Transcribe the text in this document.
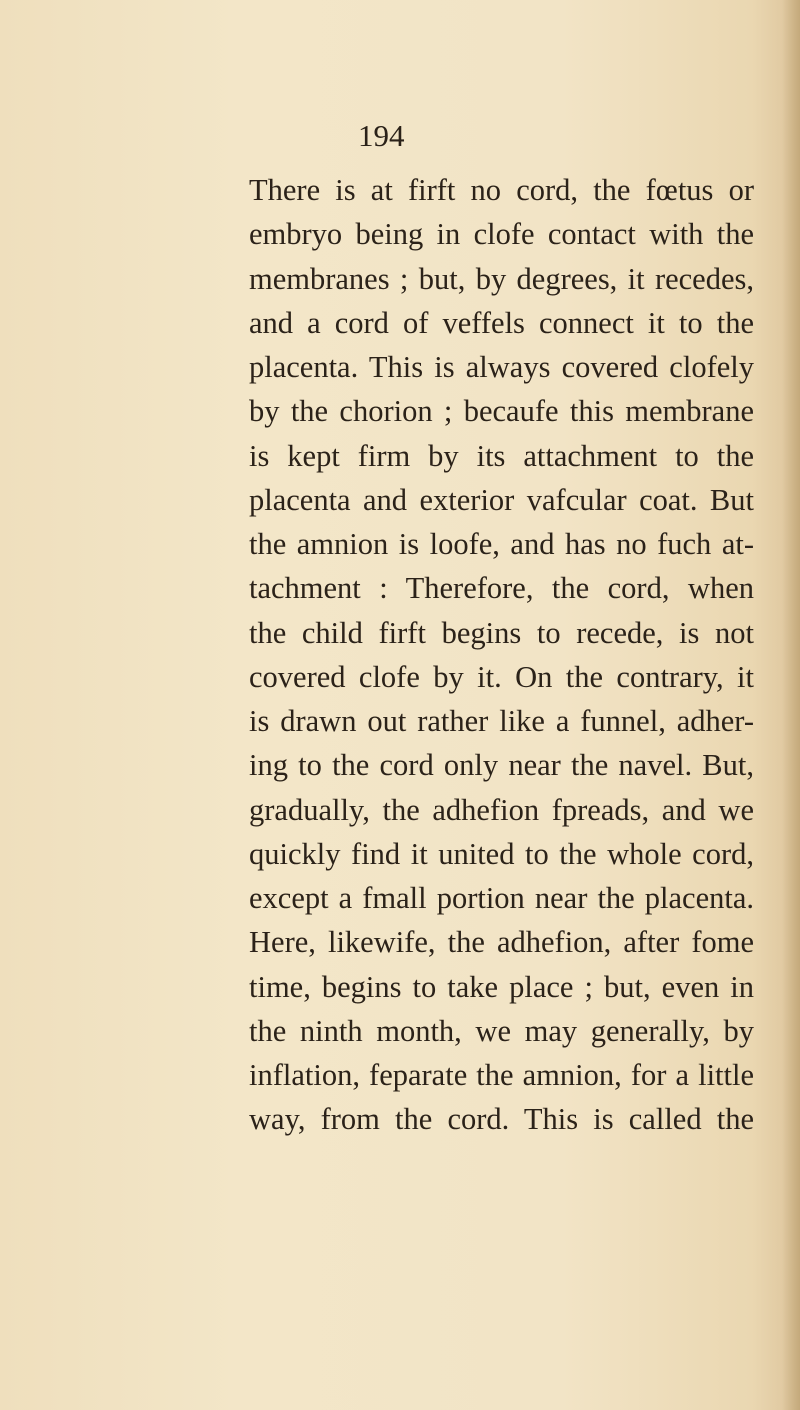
194

There is at firft no cord, the fœtus or
embryo being in clofe contact with the
membranes ; but, by degrees, it recedes,
and a cord of veffels connect it to the
placenta. This is always covered clofely
by the chorion ; becaufe this membrane
is kept firm by its attachment to the
placenta and exterior vafcular coat. But
the amnion is loofe, and has no fuch at-
tachment : Therefore, the cord, when
the child firft begins to recede, is not
covered clofe by it. On the contrary, it
is drawn out rather like a funnel, adher-
ing to the cord only near the navel. But,
gradually, the adhefion fpreads, and we
quickly find it united to the whole cord,
except a fmall portion near the placenta.
Here, likewife, the adhefion, after fome
time, begins to take place ; but, even in
the ninth month, we may generally, by
inflation, feparate the amnion, for a little
way, from the cord. This is called the
